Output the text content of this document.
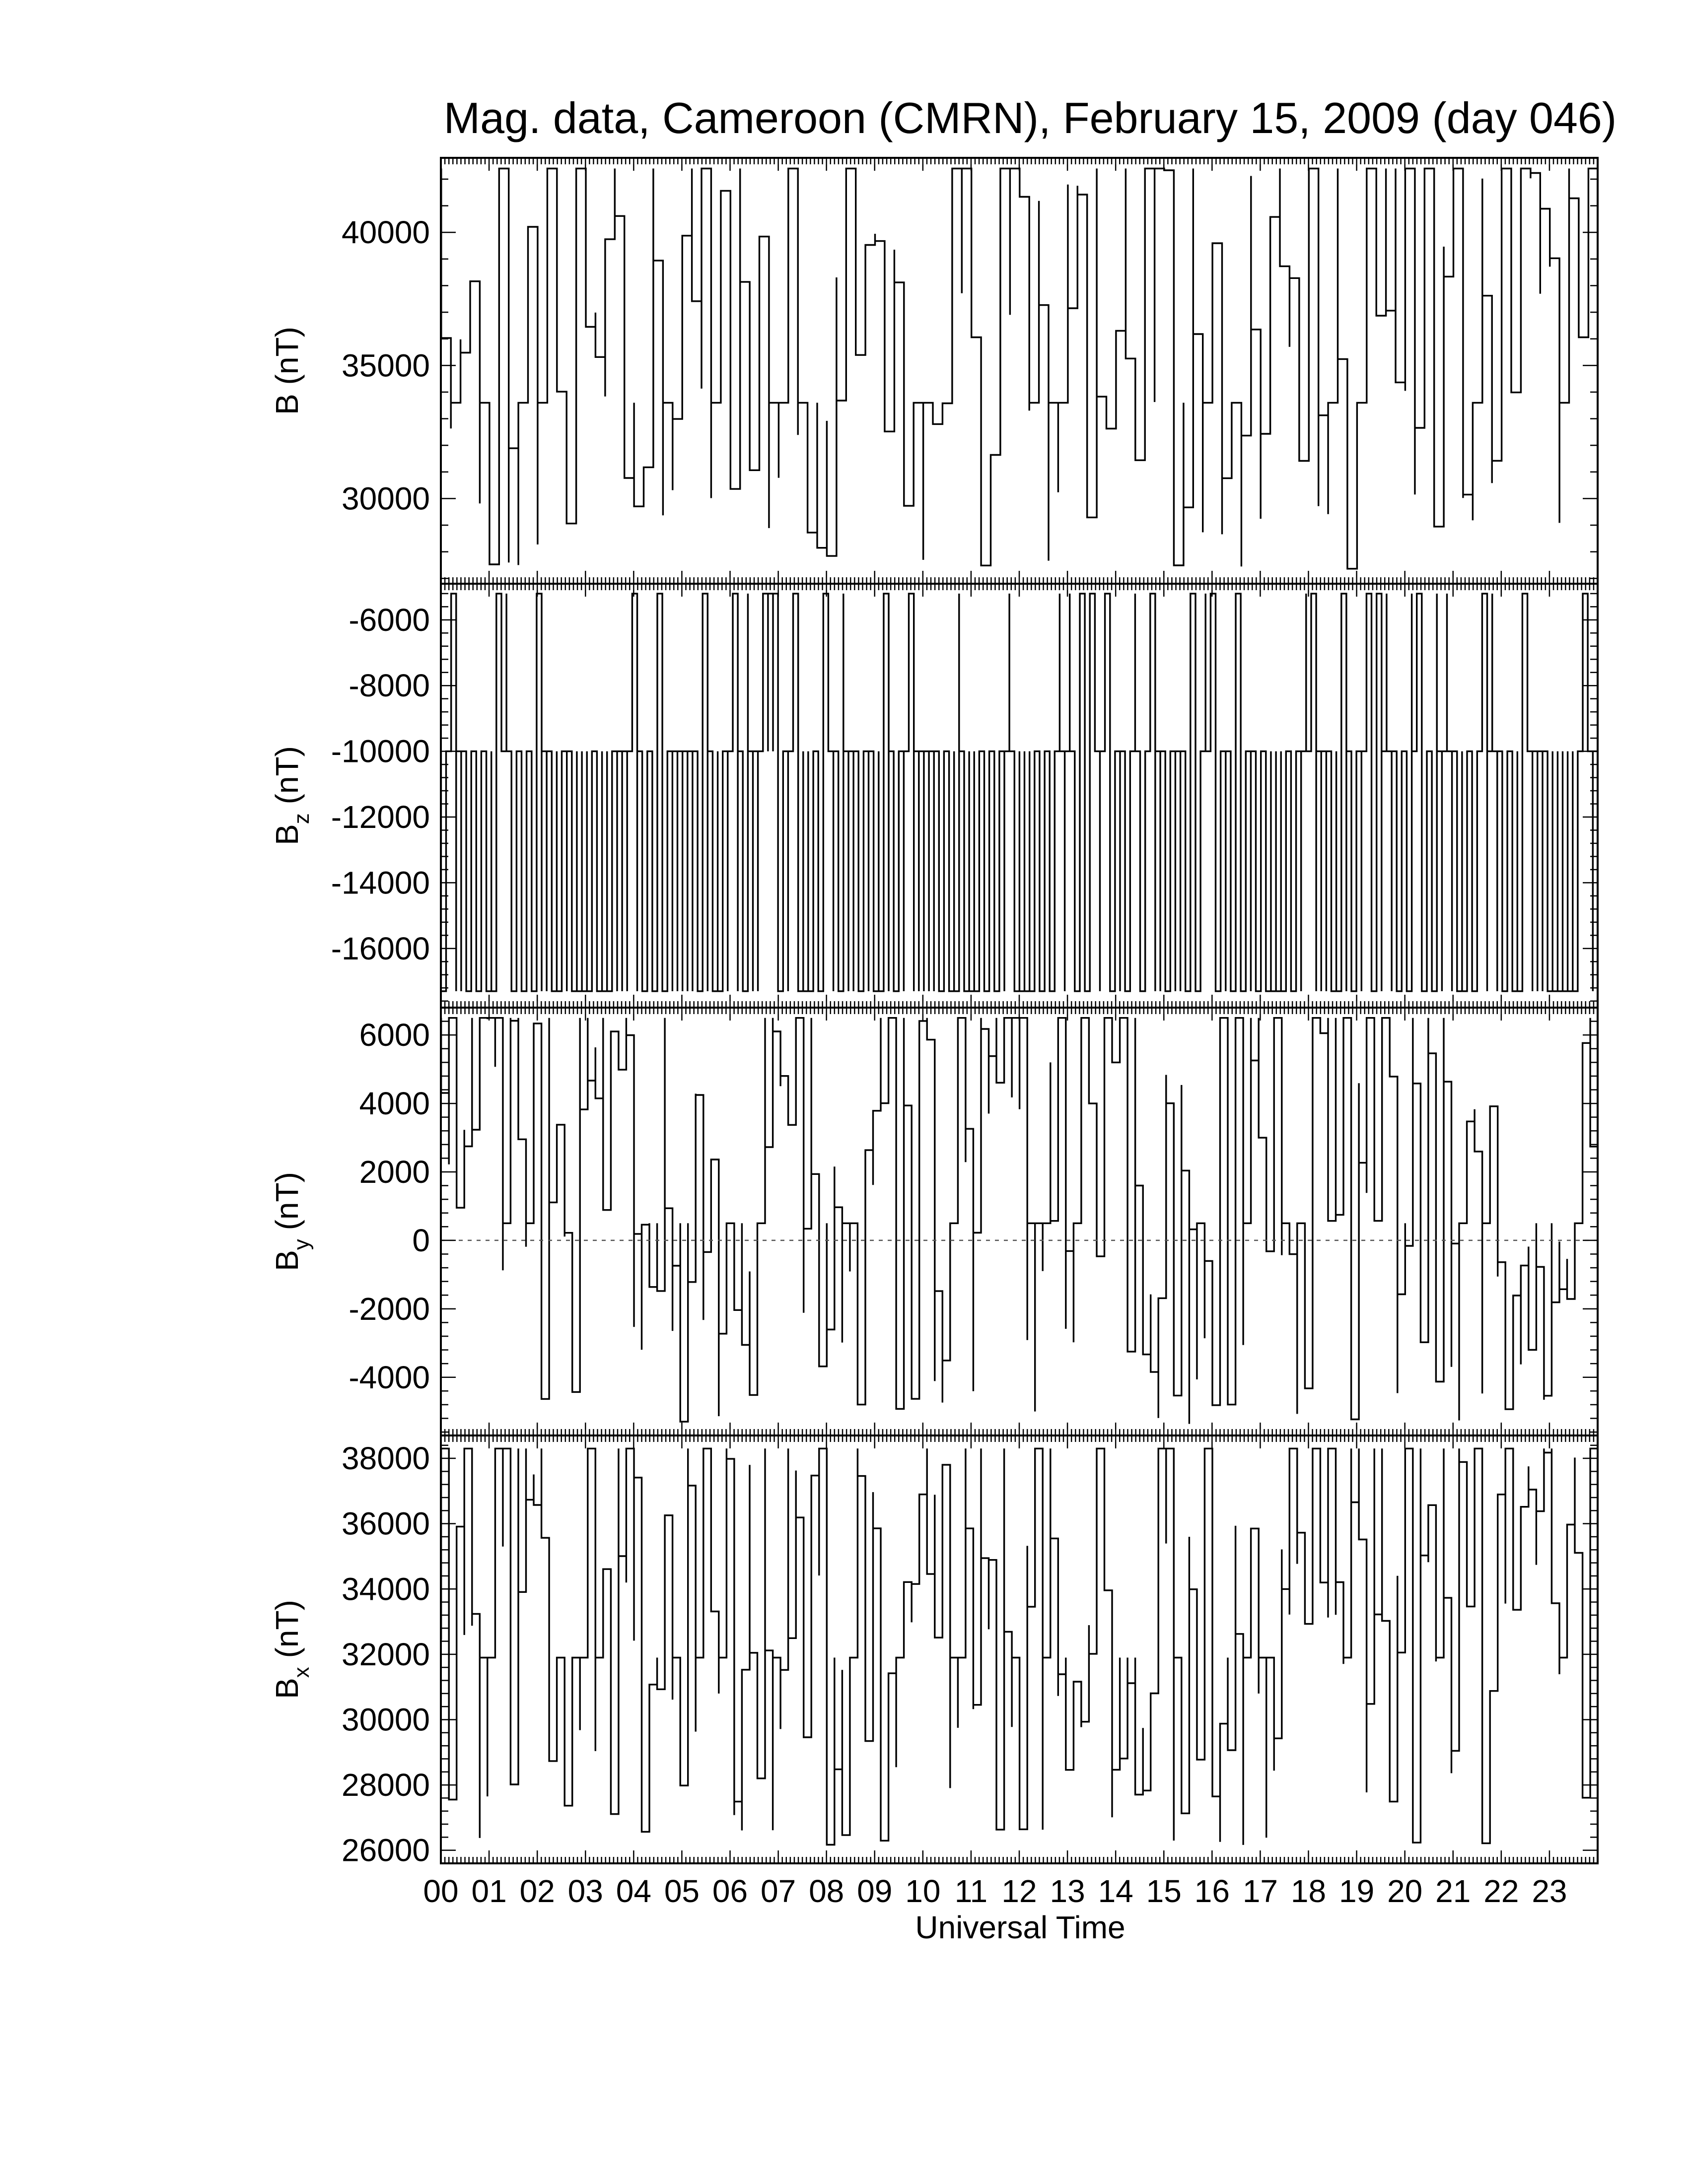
Mag. data, Cameroon (CMRN), February 15, 2009 (day 046)
30000
35000
40000
B (nT)
-16000
-14000
-12000
-10000
-8000
-6000
$B_z$ (nT)
-4000
-2000
0
2000
4000
6000
$B_y$ (nT)
26000
28000
30000
32000
34000
36000
38000
$B_x$ (nT)
00 01 02 03 04 05 06 07 08 09 10 11 12 13 14 15 16 17 18 19 20 21 22 23
Universal Time
